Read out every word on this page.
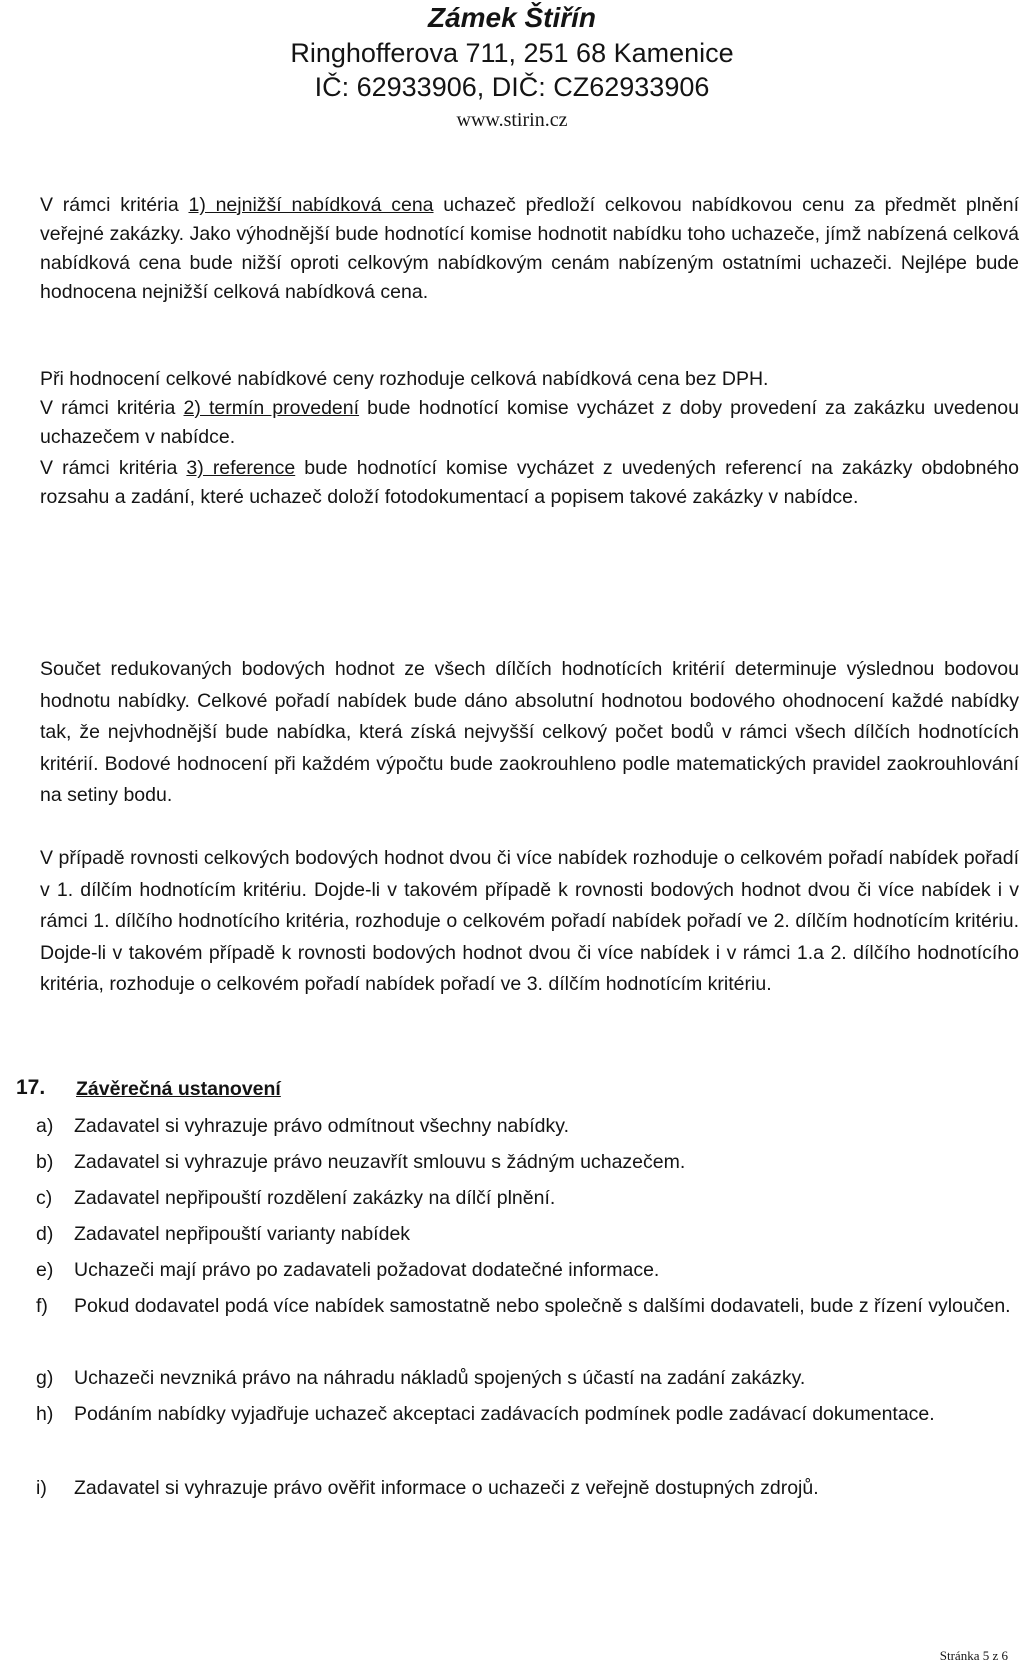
Zámek Štiřín
Ringhofferova 711, 251 68 Kamenice
IČ: 62933906, DIČ: CZ62933906
www.stirin.cz

V rámci kritéria 1) nejnižší nabídková cena uchazeč předloží celkovou nabídkovou cenu za předmět plnění veřejné zakázky. Jako výhodnější bude hodnotící komise hodnotit nabídku toho uchazeče, jímž nabízená celková nabídková cena bude nižší oproti celkovým nabídkovým cenám nabízeným ostatními uchazeči. Nejlépe bude hodnocena nejnižší celková nabídková cena.

Při hodnocení celkové nabídkové ceny rozhoduje celková nabídková cena bez DPH.

V rámci kritéria 2) termín provedení bude hodnotící komise vycházet z doby provedení za zakázku uvedenou uchazečem v nabídce.

V rámci kritéria 3) reference bude hodnotící komise vycházet z uvedených referencí na zakázky obdobného rozsahu a zadání, které uchazeč doloží fotodokumentací a popisem takové zakázky v nabídce.

Součet redukovaných bodových hodnot ze všech dílčích hodnotících kritérií determinuje výslednou bodovou hodnotu nabídky. Celkové pořadí nabídek bude dáno absolutní hodnotou bodového ohodnocení každé nabídky tak, že nejvhodnější bude nabídka, která získá nejvyšší celkový počet bodů v rámci všech dílčích hodnotících kritérií. Bodové hodnocení při každém výpočtu bude zaokrouhleno podle matematických pravidel zaokrouhlování na setiny bodu.

V případě rovnosti celkových bodových hodnot dvou či více nabídek rozhoduje o celkovém pořadí nabídek pořadí v 1. dílčím hodnotícím kritériu. Dojde-li v takovém případě k rovnosti bodových hodnot dvou či více nabídek i v rámci 1. dílčího hodnotícího kritéria, rozhoduje o celkovém pořadí nabídek pořadí ve 2. dílčím hodnotícím kritériu. Dojde-li v takovém případě k rovnosti bodových hodnot dvou či více nabídek i v rámci 1.a 2. dílčího hodnotícího kritéria, rozhoduje o celkovém pořadí nabídek pořadí ve 3. dílčím hodnotícím kritériu.

17. Závěrečná ustanovení
a)	Zadavatel si vyhrazuje právo odmítnout všechny nabídky.
b)	Zadavatel si vyhrazuje právo neuzavřít smlouvu s žádným uchazečem.
c)	Zadavatel nepřipouští rozdělení zakázky na dílčí plnění.
d)	Zadavatel nepřipouští varianty nabídek
e)	Uchazeči mají právo po zadavateli požadovat dodatečné informace.
f)	Pokud dodavatel podá více nabídek samostatně nebo společně s dalšími dodavateli, bude z řízení vyloučen.
g)	Uchazeči nevzniká právo na náhradu nákladů spojených s účastí na zadání zakázky.
h)	Podáním nabídky vyjadřuje uchazeč akceptaci zadávacích podmínek podle zadávací dokumentace.
i)	Zadavatel si vyhrazuje právo ověřit informace o uchazeči z veřejně dostupných zdrojů.
Stránka 5 z 6
